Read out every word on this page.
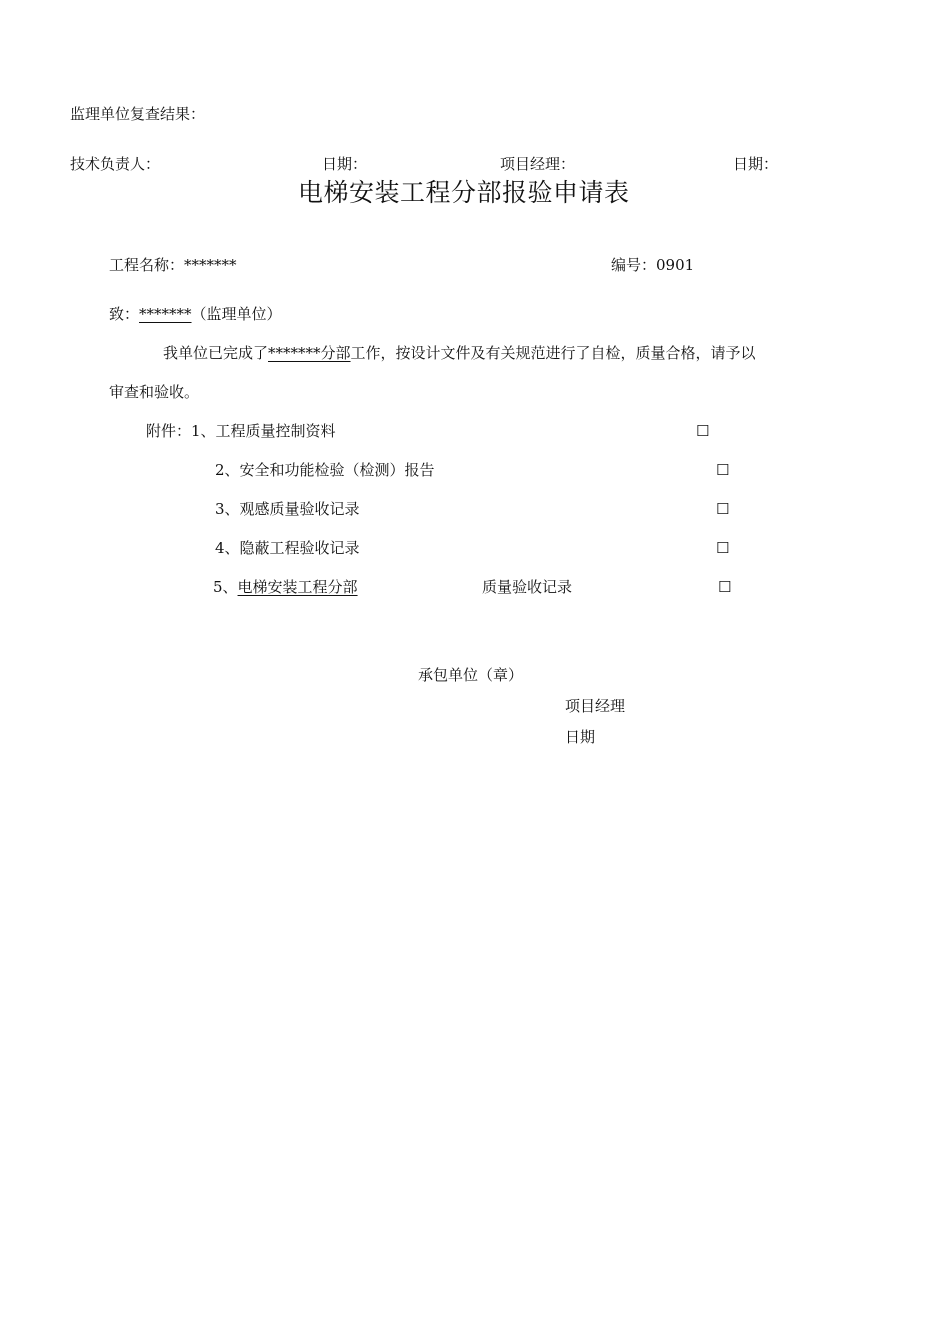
监理单位复查结果：
技术负责人：	日期：	项目经理：	日期：
电梯安装工程分部报验申请表
工程名称：*******	编号：0901
致：*******（监理单位）
我单位已完成了*******分部工作，按设计文件及有关规范进行了自检，质量合格，请予以
审查和验收。
附件：1、工程质量控制资料	☐
2、安全和功能检验（检测）报告	☐
3、观感质量验收记录	☐
4、隐蔽工程验收记录	☐
5、电梯安装工程分部	质量验收记录	☐
承包单位（章）
项目经理
日期
